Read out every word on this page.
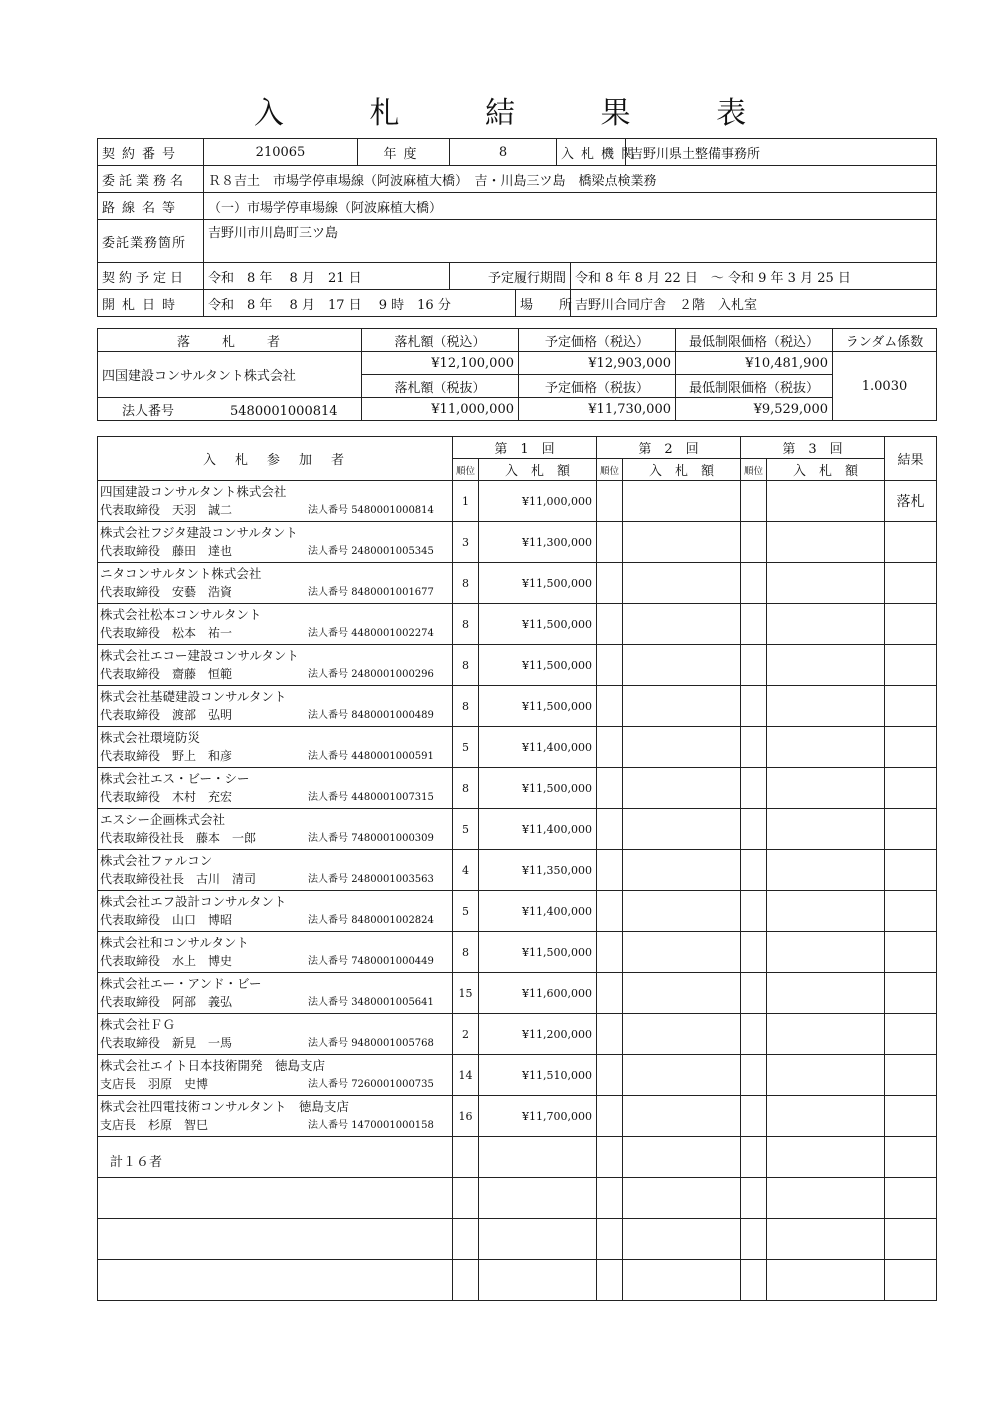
入 札 結 果 表
契約番号	210065	年度	8		入札機関		吉野川県土整備事務所
委託業務名	Ｒ８吉土　市場学停車場線（阿波麻植大橋）　吉・川島三ツ島　橋梁点検業務						
路線名等	（一）市場学停車場線（阿波麻植大橋）						
委託業務箇所	吉野川市川島町三ツ島						
契約予定日	令和　8 年　 8 月　21 日		予定履行期間			令和 8 年 8 月 22 日　～ 令和 9 年 3 月 25 日	
開札日時	令和　8 年　 8 月　17 日　 9 時　16 分			場　　所		吉野川合同庁舎　２階　入札室	
落　　札　　者	落札額（税込）	予定価格（税込）	最低制限価格（税込）	ランダム係数
四国建設コンサルタント株式会社	¥12,100,000	¥12,903,000	¥10,481,900	1.0030
	落札額（税抜）	予定価格（税抜）	最低制限価格（税抜）	
法人番号 5480001000814	¥11,000,000	¥11,730,000	¥9,529,000	
入　札　参　加　者	第　1　回		第　2　回		第　3　回		結果
	順位	入　札　額	順位	入　札　額	順位	入　札　額	

四国建設コンサルタント株式会社
代表取締役　天羽　誠二 法人番号 5480001000814	1	¥11,000,000					落札

株式会社フジタ建設コンサルタント
代表取締役　藤田　達也 法人番号 2480001005345	3	¥11,300,000					

ニタコンサルタント株式会社
代表取締役　安藝　浩資 法人番号 8480001001677	8	¥11,500,000					

株式会社松本コンサルタント
代表取締役　松本　祐一 法人番号 4480001002274	8	¥11,500,000					

株式会社エコー建設コンサルタント
代表取締役　齋藤　恒範 法人番号 2480001000296	8	¥11,500,000					

株式会社基礎建設コンサルタント
代表取締役　渡部　弘明 法人番号 8480001000489	8	¥11,500,000					

株式会社環境防災
代表取締役　野上　和彦 法人番号 4480001000591	5	¥11,400,000					

株式会社エス・ビー・シー
代表取締役　木村　充宏 法人番号 4480001007315	8	¥11,500,000					

エスシー企画株式会社
代表取締役社長　藤本　一郎 法人番号 7480001000309	5	¥11,400,000					

株式会社ファルコン
代表取締役社長　古川　清司 法人番号 2480001003563	4	¥11,350,000					

株式会社エフ設計コンサルタント
代表取締役　山口　博昭 法人番号 8480001002824	5	¥11,400,000					

株式会社和コンサルタント
代表取締役　水上　博史 法人番号 7480001000449	8	¥11,500,000					

株式会社エー・アンド・ビー
代表取締役　阿部　義弘 法人番号 3480001005641	15	¥11,600,000					

株式会社ＦＧ
代表取締役　新見　一馬 法人番号 9480001005768	2	¥11,200,000					

株式会社エイト日本技術開発　徳島支店
支店長　羽原　史博 法人番号 7260001000735	14	¥11,510,000					

株式会社四電技術コンサルタント　徳島支店
支店長　杉原　智巳 法人番号 1470001000158	16	¥11,700,000					
計１６者							
